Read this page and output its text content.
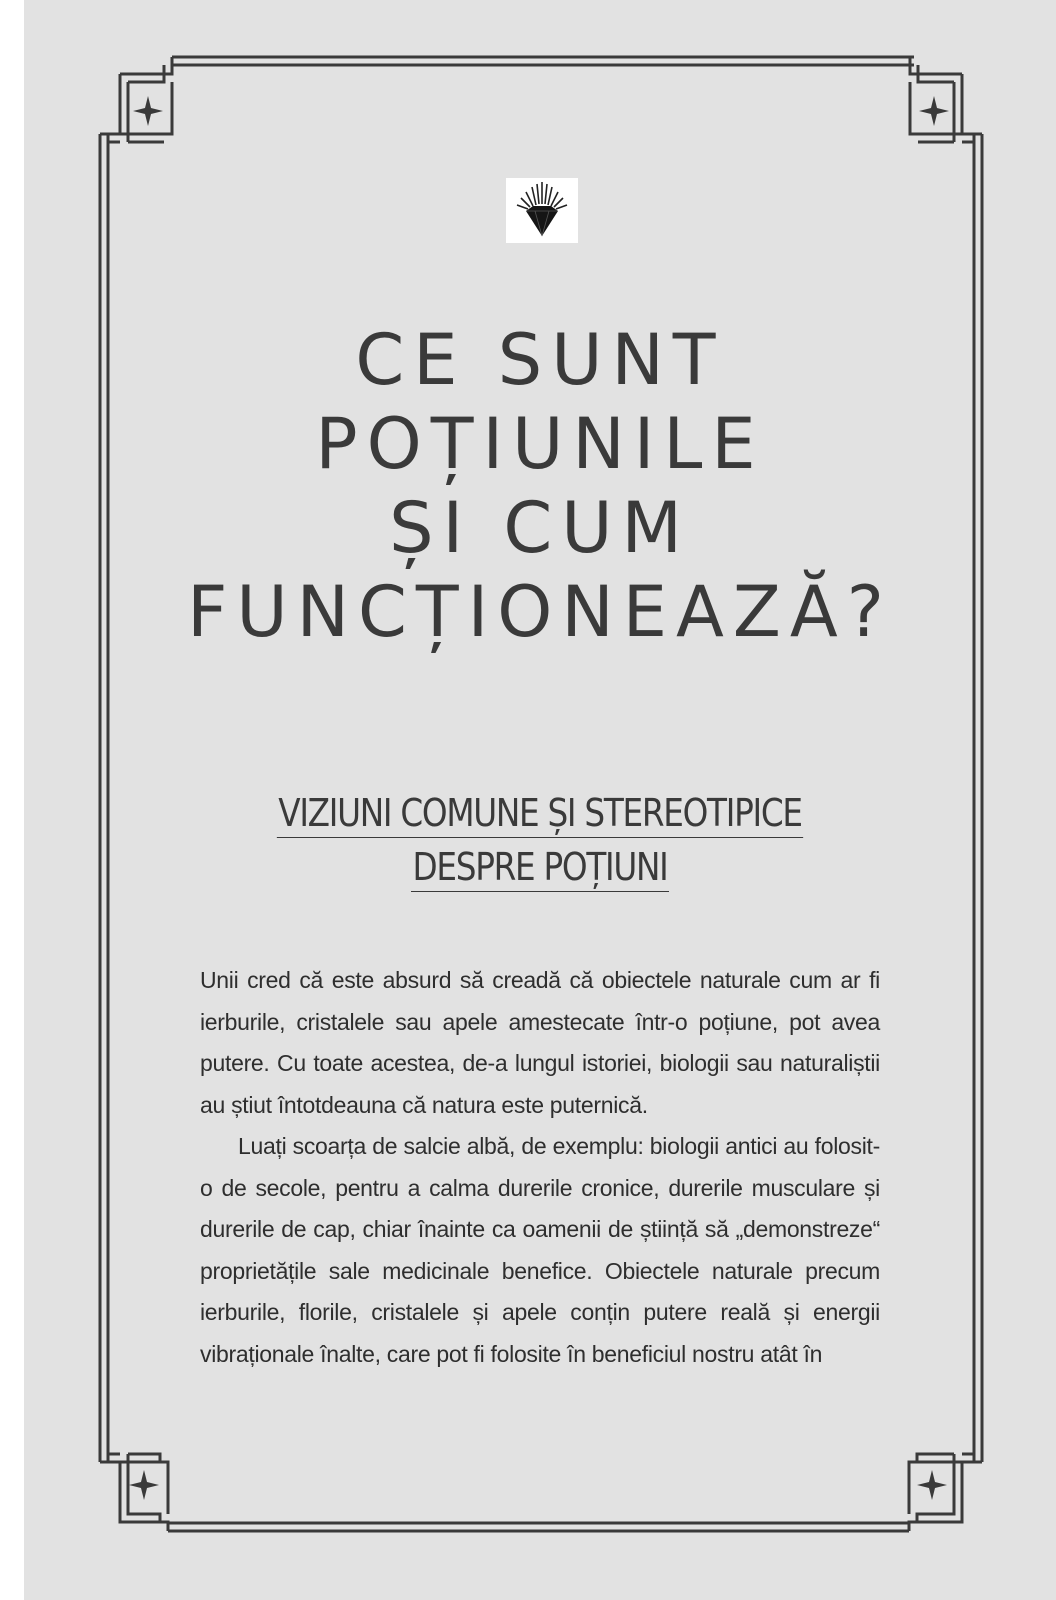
CE SUNT
POȚIUNILE
ȘI CUM
FUNCȚIONEAZĂ?
VIZIUNI COMUNE ȘI STEREOTIPICE
DESPRE POȚIUNI

Unii cred că este absurd să creadă că obiectele naturale cum ar fi ierburile, cristalele sau apele amestecate într-o poțiune, pot avea putere. Cu toate acestea, de-a lungul istoriei, biologii sau naturaliștii au știut întotdeauna că natura este puternică.

Luați scoarța de salcie albă, de exemplu: biologii antici au folosit-o de secole, pentru a calma durerile cronice, durerile musculare și durerile de cap, chiar înainte ca oamenii de știință să „demonstreze“ proprietățile sale medicinale benefice. Obiectele naturale precum ierburile, florile, cristalele și apele conțin putere reală și energii vibraționale înalte, care pot fi folosite în beneficiul nostru atât în
